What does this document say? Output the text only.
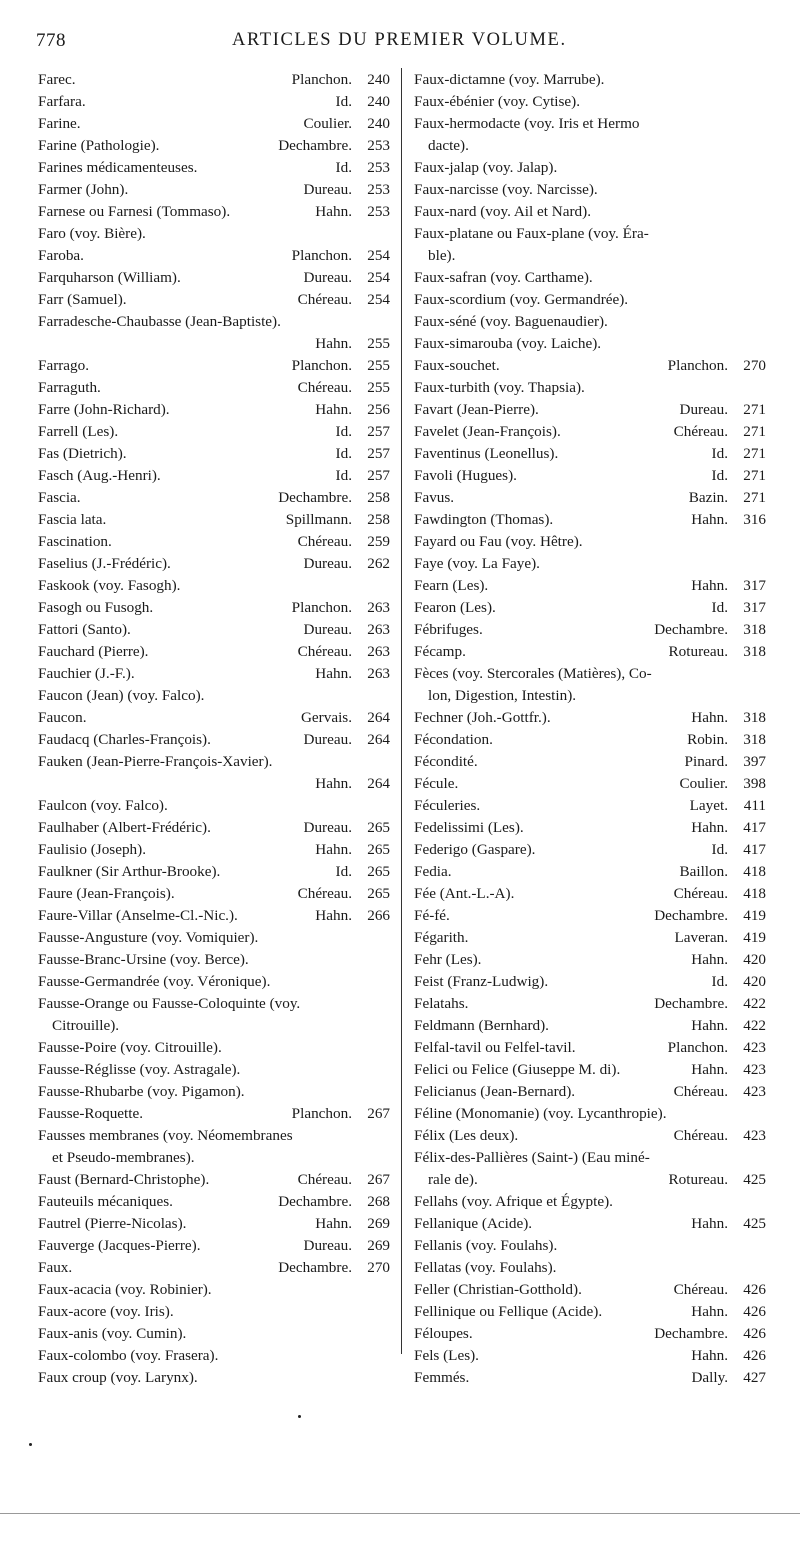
778	ARTICLES DU PREMIER VOLUME.
Farec.	Planchon. 240
Farfara.	Id. 240
Farine.	Coulier. 240
Farine (Pathologie).	Dechambre. 253
Farines médicamenteuses.	Id. 253
Farmer (John).	Dureau. 253
Farnese ou Farnesi (Tommaso).	Hahn. 253
Faro (voy. Bière).
Faroba.	Planchon. 254
Farquharson (William).	Dureau. 254
Farr (Samuel).	Chéreau. 254
Farradesche-Chaubasse (Jean-Baptiste).
Hahn. 255
Farrago.	Planchon. 255
Farraguth.	Chéreau. 255
Farre (John-Richard).	Hahn. 256
Farrell (Les).	Id. 257
Fas (Dietrich).	Id. 257
Fasch (Aug.-Henri).	Id. 257
Fascia.	Dechambre. 258
Fascia lata.	Spillmann. 258
Fascination.	Chéreau. 259
Faselius (J.-Frédéric).	Dureau. 262
Faskook (voy. Fasogh).
Fasogh ou Fusogh.	Planchon. 263
Fattori (Santo).	Dureau. 263
Fauchard (Pierre).	Chéreau. 263
Fauchier (J.-F.).	Hahn. 263
Faucon (Jean) (voy. Falco).
Faucon.	Gervais. 264
Faudacq (Charles-François).	Dureau. 264
Fauken (Jean-Pierre-François-Xavier).
Hahn. 264
Faulcon (voy. Falco).
Faulhaber (Albert-Frédéric).	Dureau. 265
Faulisio (Joseph).	Hahn. 265
Faulkner (Sir Arthur-Brooke).	Id. 265
Faure (Jean-François).	Chéreau. 265
Faure-Villar (Anselme-Cl.-Nic.).	Hahn. 266
Fausse-Angusture (voy. Vomiquier).
Fausse-Branc-Ursine (voy. Berce).
Fausse-Germandrée (voy. Véronique).
Fausse-Orange ou Fausse-Coloquinte (voy.
Citrouille).
Fausse-Poire (voy. Citrouille).
Fausse-Réglisse (voy. Astragale).
Fausse-Rhubarbe (voy. Pigamon).
Fausse-Roquette.	Planchon. 267
Fausses membranes (voy. Néomembranes
et Pseudo-membranes).
Faust (Bernard-Christophe).	Chéreau. 267
Fauteuils mécaniques.	Dechambre. 268
Fautrel (Pierre-Nicolas).	Hahn. 269
Fauverge (Jacques-Pierre).	Dureau. 269
Faux.	Dechambre. 270
Faux-acacia (voy. Robinier).
Faux-acore (voy. Iris).
Faux-anis (voy. Cumin).
Faux-colombo (voy. Frasera).
Faux croup (voy. Larynx).
Faux-dictamne (voy. Marrube).
Faux-ébénier (voy. Cytise).
Faux-hermodacte (voy. Iris et Hermo
dacte).
Faux-jalap (voy. Jalap).
Faux-narcisse (voy. Narcisse).
Faux-nard (voy. Ail et Nard).
Faux-platane ou Faux-plane (voy. Éra-
ble).
Faux-safran (voy. Carthame).
Faux-scordium (voy. Germandrée).
Faux-séné (voy. Baguenaudier).
Faux-simarouba (voy. Laiche).
Faux-souchet.	Planchon. 270
Faux-turbith (voy. Thapsia).
Favart (Jean-Pierre).	Dureau. 271
Favelet (Jean-François).	Chéreau. 271
Faventinus (Leonellus).	Id. 271
Favoli (Hugues).	Id. 271
Favus.	Bazin. 271
Fawdington (Thomas).	Hahn. 316
Fayard ou Fau (voy. Hêtre).
Faye (voy. La Faye).
Fearn (Les).	Hahn. 317
Fearon (Les).	Id. 317
Fébrifuges.	Dechambre. 318
Fécamp.	Rotureau. 318
Fèces (voy. Stercorales (Matières), Co-
lon, Digestion, Intestin).
Fechner (Joh.-Gottfr.).	Hahn. 318
Fécondation.	Robin. 318
Fécondité.	Pinard. 397
Fécule.	Coulier. 398
Féculeries.	Layet. 411
Fedelissimi (Les).	Hahn. 417
Federigo (Gaspare).	Id. 417
Fedia.	Baillon. 418
Fée (Ant.-L.-A).	Chéreau. 418
Fé-fé.	Dechambre. 419
Fégarith.	Laveran. 419
Fehr (Les).	Hahn. 420
Feist (Franz-Ludwig).	Id. 420
Felatahs.	Dechambre. 422
Feldmann (Bernhard).	Hahn. 422
Felfal-tavil ou Felfel-tavil.	Planchon. 423
Felici ou Felice (Giuseppe M. di).	Hahn. 423
Felicianus (Jean-Bernard).	Chéreau. 423
Féline (Monomanie) (voy. Lycanthropie).
Félix (Les deux).	Chéreau. 423
Félix-des-Pallières (Saint-) (Eau miné-
rale de).	Rotureau. 425
Fellahs (voy. Afrique et Égypte).
Fellanique (Acide).	Hahn. 425
Fellanis (voy. Foulahs).
Fellatas (voy. Foulahs).
Feller (Christian-Gotthold).	Chéreau. 426
Fellinique ou Fellique (Acide).	Hahn. 426
Féloupes.	Dechambre. 426
Fels (Les).	Hahn. 426
Femmés.	Dally. 427
